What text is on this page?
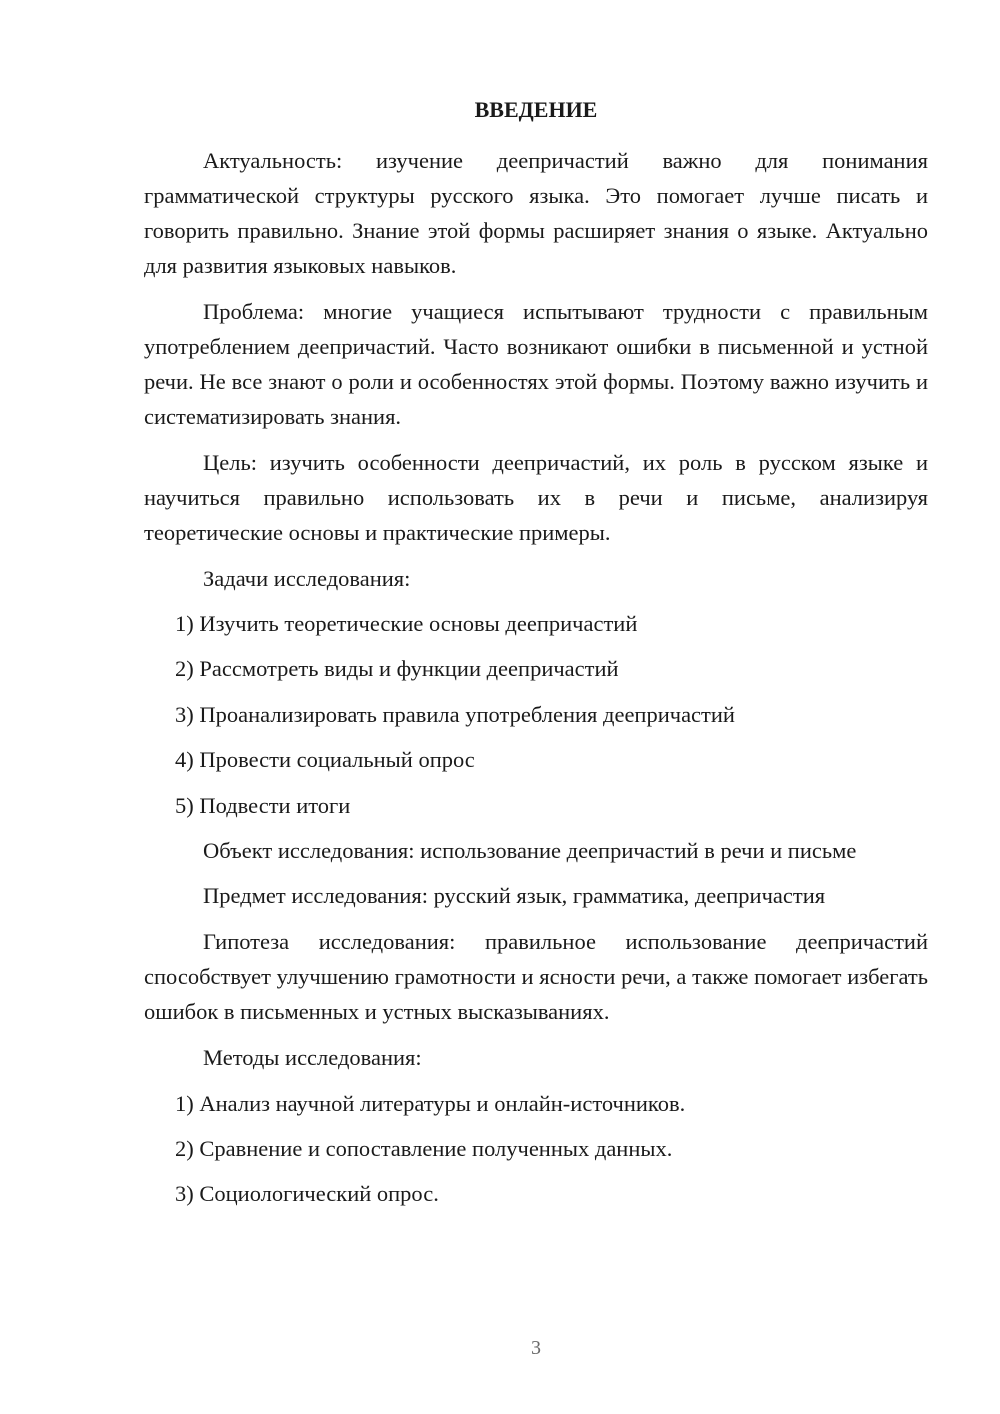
ВВЕДЕНИЕ

Актуальность: изучение деепричастий важно для понимания грамматической структуры русского языка. Это помогает лучше писать и говорить правильно. Знание этой формы расширяет знания о языке. Актуально для развития языковых навыков.

Проблема: многие учащиеся испытывают трудности с правильным употреблением деепричастий. Часто возникают ошибки в письменной и устной речи. Не все знают о роли и особенностях этой формы. Поэтому важно изучить и систематизировать знания.

Цель: изучить особенности деепричастий, их роль в русском языке и научиться правильно использовать их в речи и письме, анализируя теоретические основы и практические примеры.

Задачи исследования:

1) Изучить теоретические основы деепричастий

2) Рассмотреть виды и функции деепричастий

3) Проанализировать правила употребления деепричастий

4) Провести социальный опрос

5) Подвести итоги

Объект исследования: использование деепричастий в речи и письме

Предмет исследования: русский язык, грамматика, деепричастия

Гипотеза исследования: правильное использование деепричастий способствует улучшению грамотности и ясности речи, а также помогает избегать ошибок в письменных и устных высказываниях.

Методы исследования:

1) Анализ научной литературы и онлайн-источников.

2) Сравнение и сопоставление полученных данных.

3) Социологический опрос.

3
